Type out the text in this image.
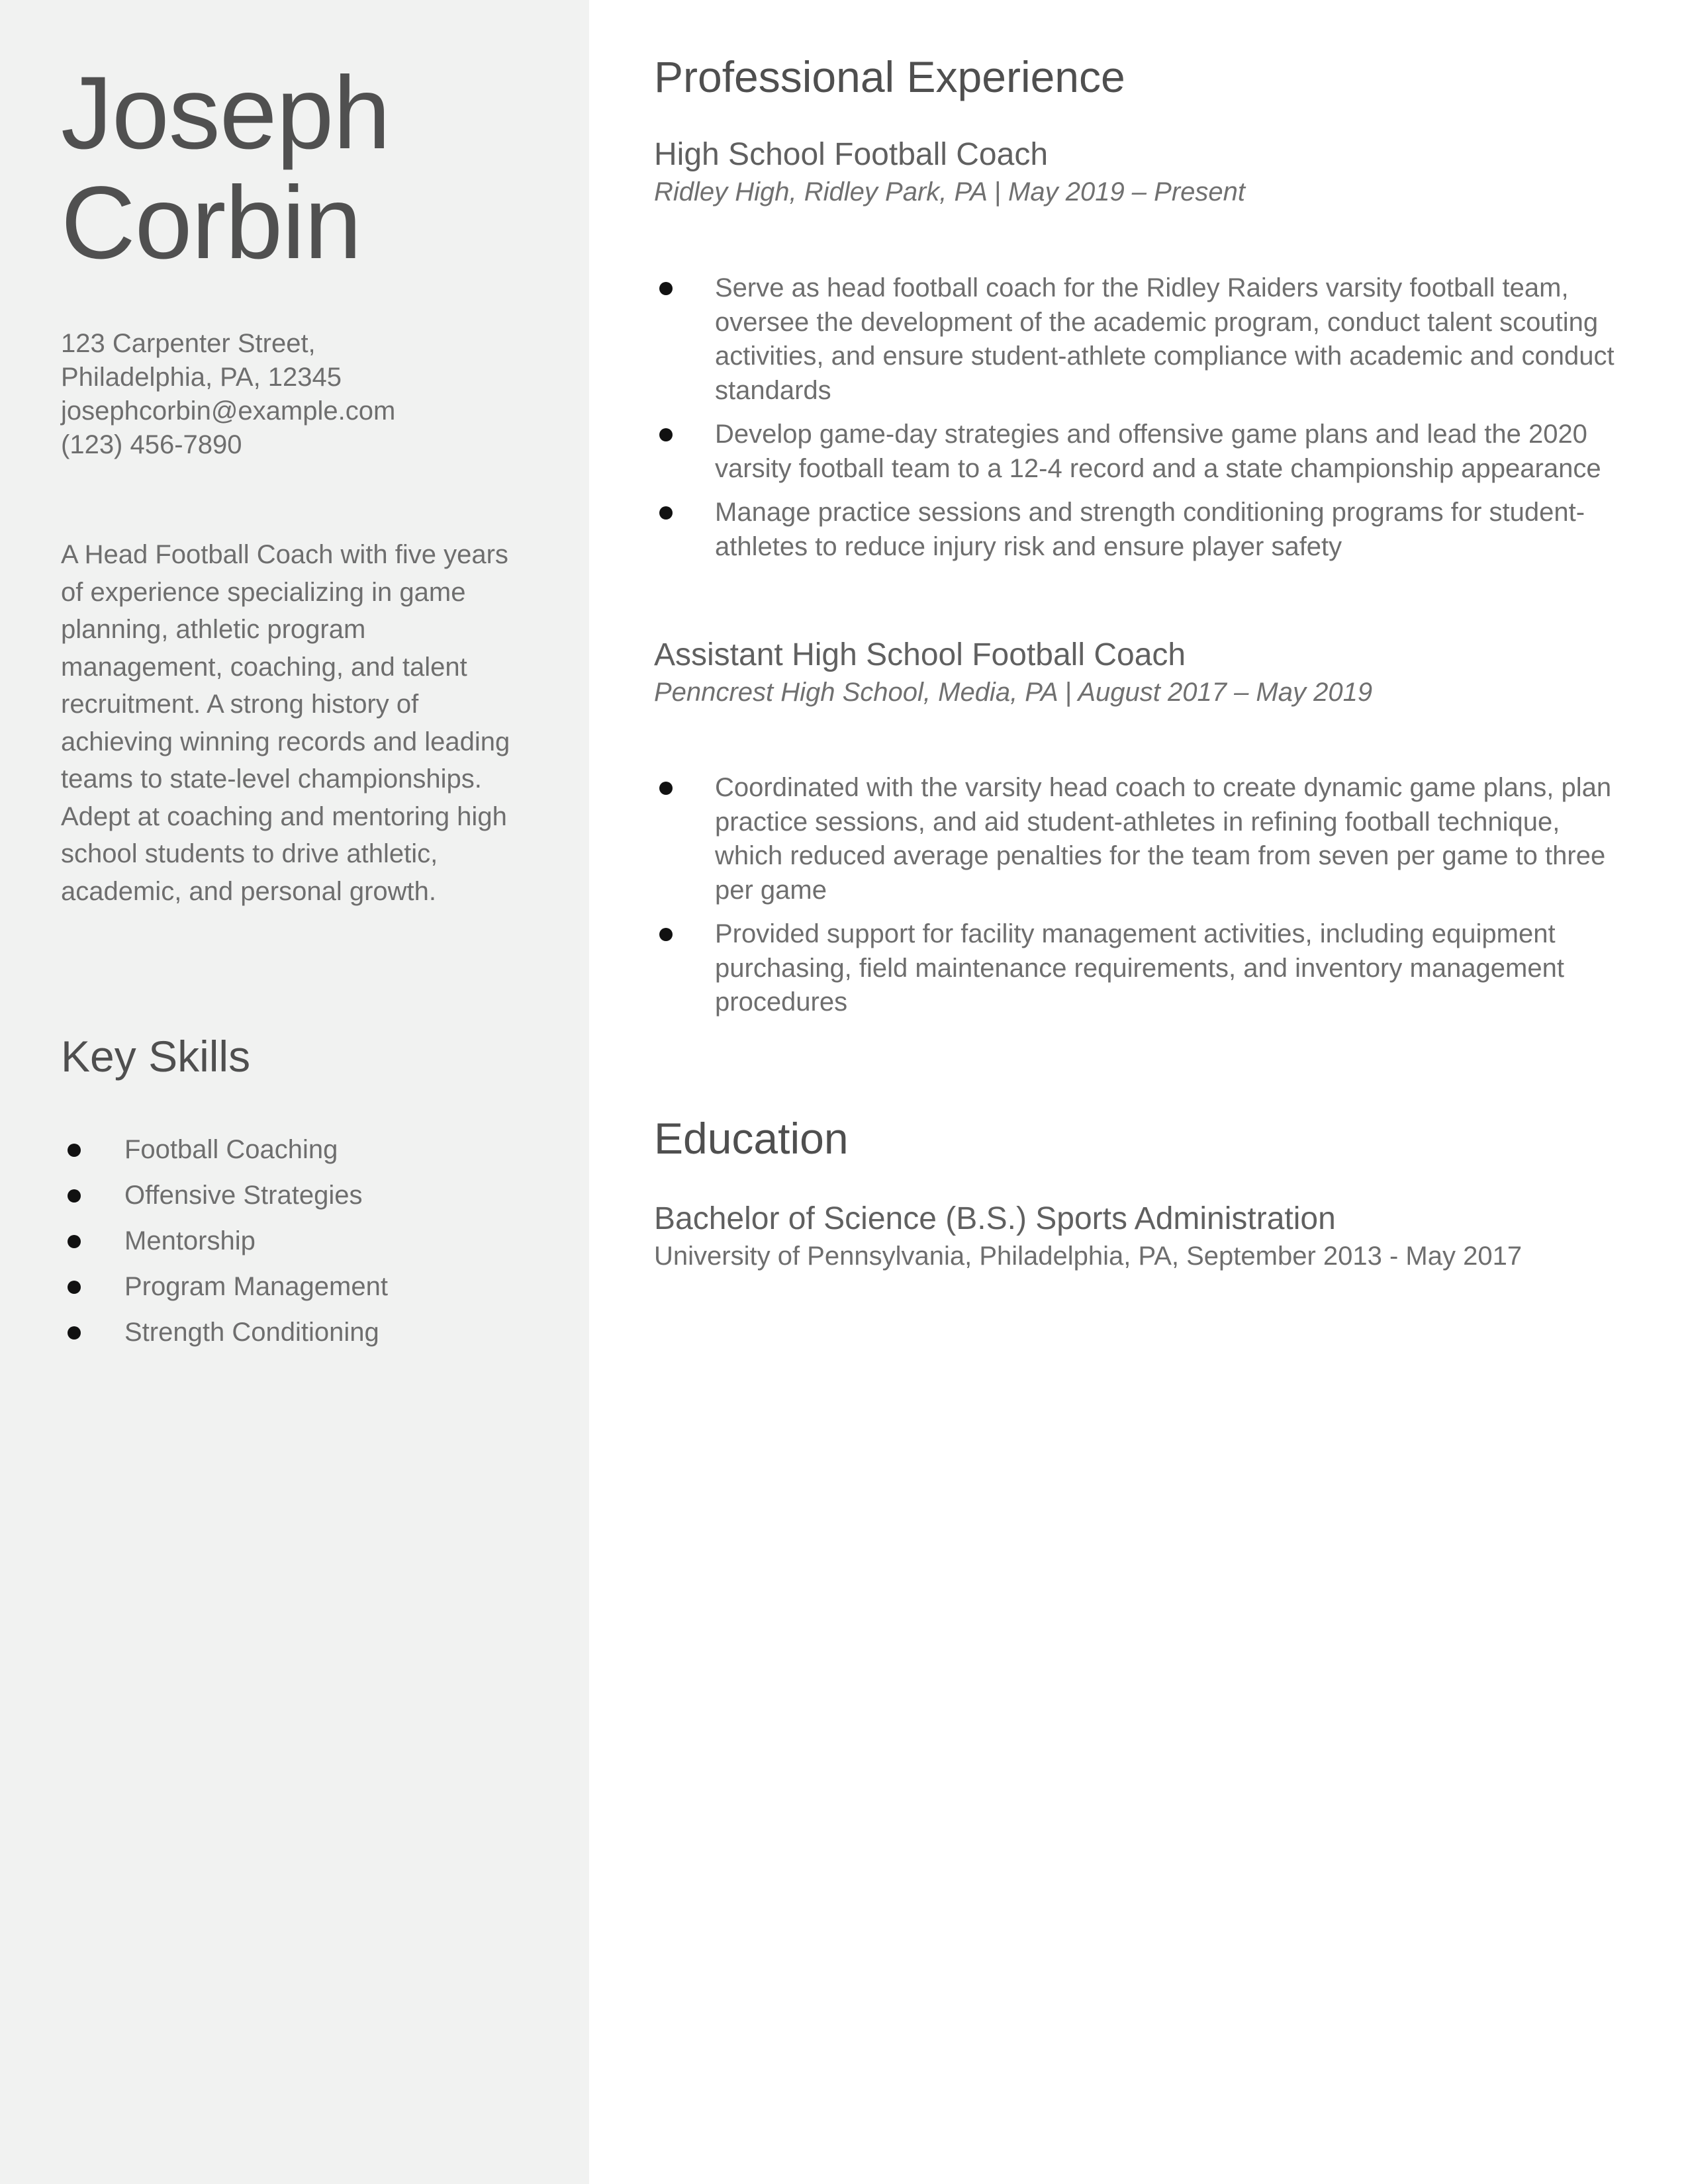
Joseph
Corbin
123 Carpenter Street,
Philadelphia, PA, 12345
josephcorbin@example.com
(123) 456-7890

A Head Football Coach with five years of experience specializing in game planning, athletic program management, coaching, and talent recruitment. A strong history of achieving winning records and leading teams to state-level championships. Adept at coaching and mentoring high school students to drive athletic, academic, and personal growth.

Key Skills
Football Coaching
Offensive Strategies
Mentorship
Program Management
Strength Conditioning
Professional Experience
High School Football Coach

Ridley High, Ridley Park, PA | May 2019 – Present

Serve as head football coach for the Ridley Raiders varsity football team, oversee the development of the academic program, conduct talent scouting activities, and ensure student-athlete compliance with academic and conduct standards
Develop game-day strategies and offensive game plans and lead the 2020 varsity football team to a 12-4 record and a state championship appearance
Manage practice sessions and strength conditioning programs for student-athletes to reduce injury risk and ensure player safety
Assistant High School Football Coach

Penncrest High School, Media, PA | August 2017 – May 2019

Coordinated with the varsity head coach to create dynamic game plans, plan practice sessions, and aid student-athletes in refining football technique, which reduced average penalties for the team from seven per game to three per game
Provided support for facility management activities, including equipment purchasing, field maintenance requirements, and inventory management procedures
Education
Bachelor of Science (B.S.) Sports Administration

University of Pennsylvania, Philadelphia, PA, September 2013 - May 2017
